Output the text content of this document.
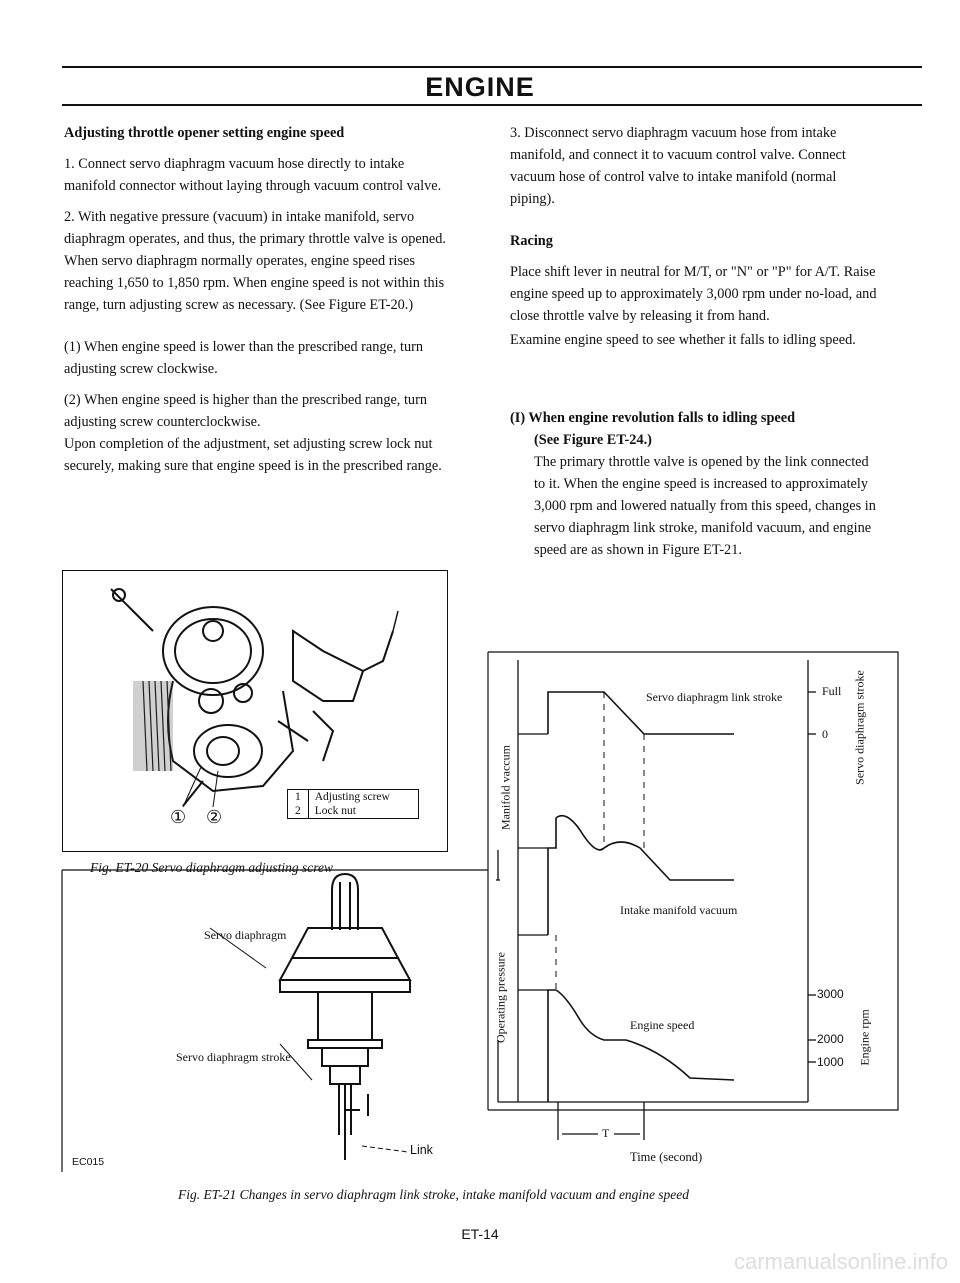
ENGINE

Adjusting throttle opener setting engine speed

1. Connect servo diaphragm vacuum hose directly to intake manifold connector without laying through vacuum control valve.

2. With negative pressure (vacuum) in intake manifold, servo diaphragm operates, and thus, the primary throttle valve is opened. When servo diaphragm normally operates, engine speed rises reaching 1,650 to 1,850 rpm. When engine speed is not within this range, turn adjusting screw as necessary. (See Figure ET-20.)

(1) When engine speed is lower than the prescribed range, turn adjusting screw clockwise.

(2) When engine speed is higher than the prescribed range, turn adjusting screw counterclockwise.

Upon completion of the adjustment, set adjusting screw lock nut securely, making sure that engine speed is in the prescribed range.

3. Disconnect servo diaphragm vacuum hose from intake manifold, and connect it to vacuum control valve. Connect vacuum hose of control valve to intake manifold (normal piping).

Racing

Place shift lever in neutral for M/T, or "N" or "P" for A/T. Raise engine speed up to approximately 3,000 rpm under no-load, and close throttle valve by releasing it from hand.

Examine engine speed to see whether it falls to idling speed.

(I) When engine revolution falls to idling speed

(See Figure ET-24.)

The primary throttle valve is opened by the link connected to it. When the engine speed is increased to approximately 3,000 rpm and lowered natually from this speed, changes in servo diaphragm link stroke, manifold vacuum, and engine speed are as shown in Figure ET-21.

① ②
1	Adjusting screw
2	Lock nut
Fig. ET-20 Servo diaphragm adjusting screw
Servo diaphragm
Servo diaphragm stroke
Link
EC015
Servo diaphragm link stroke
Intake manifold vacuum
Engine speed
Manifold vaccum
Operating pressure
Servo diaphragm stroke
Engine rpm
Full
0
3000
2000
1000
T
Time (second)
Fig. ET-21 Changes in servo diaphragm link stroke, intake manifold vacuum and engine speed
ET-14
carmanualsonline.info
